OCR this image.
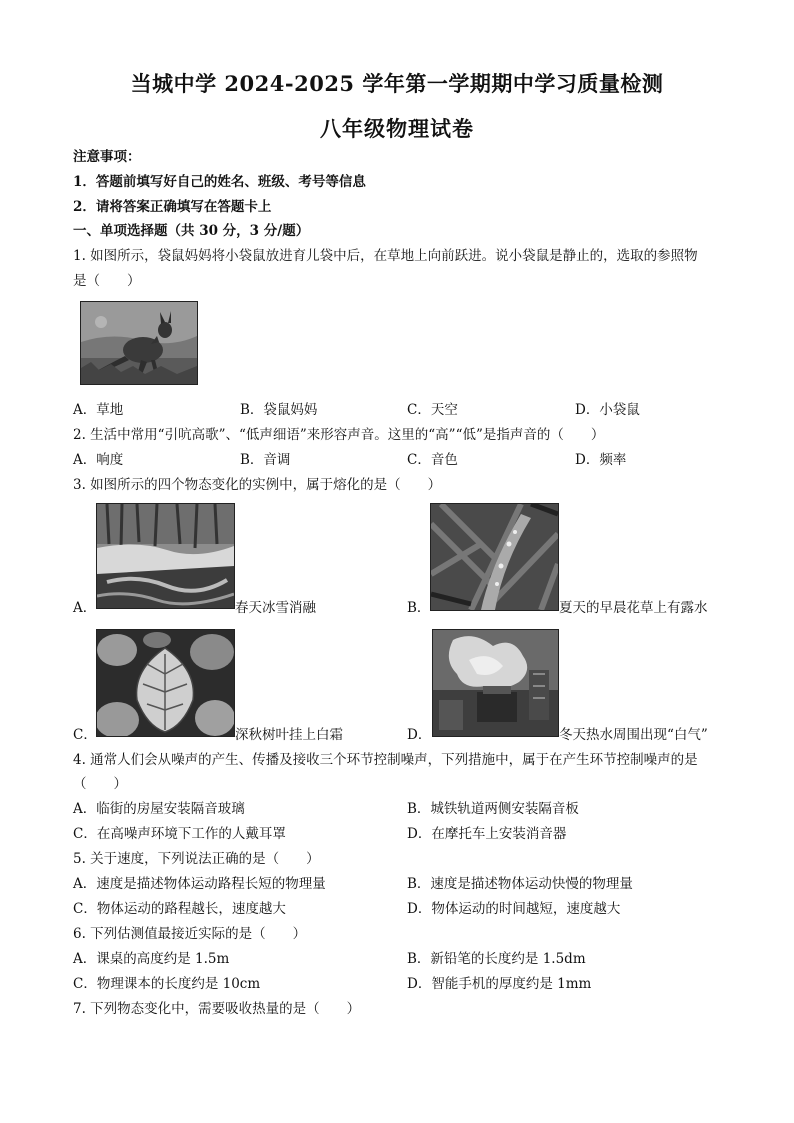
当城中学 2024-2025 学年第一学期期中学习质量检测
八年级物理试卷
注意事项：
1．答题前填写好自己的姓名、班级、考号等信息
2．请将答案正确填写在答题卡上
一、单项选择题（共 30 分，3 分/题）
1. 如图所示，袋鼠妈妈将小袋鼠放进育儿袋中后，在草地上向前跃进。说小袋鼠是静止的，选取的参照物
是（　　）
A．草地	B．袋鼠妈妈	C．天空	D．小袋鼠
2. 生活中常用“引吭高歌”、“低声细语”来形容声音。这里的“高”“低”是指声音的（　　）
A．响度	B．音调	C．音色	D．频率
3. 如图所示的四个物态变化的实例中，属于熔化的是（　　）
A．	春天冰雪消融	B．	夏天的早晨花草上有露水
C．	深秋树叶挂上白霜	D．	冬天热水周围出现“白气”
4. 通常人们会从噪声的产生、传播及接收三个环节控制噪声，下列措施中，属于在产生环节控制噪声的是
（　　）
A．临街的房屋安装隔音玻璃	B．城铁轨道两侧安装隔音板
C．在高噪声环境下工作的人戴耳罩	D．在摩托车上安装消音器
5. 关于速度，下列说法正确的是（　　）
A．速度是描述物体运动路程长短的物理量	B．速度是描述物体运动快慢的物理量
C．物体运动的路程越长，速度越大	D．物体运动的时间越短，速度越大
6. 下列估测值最接近实际的是（　　）
A．课桌的高度约是 1.5m	B．新铅笔的长度约是 1.5dm
C．物理课本的长度约是 10cm	D．智能手机的厚度约是 1mm
7. 下列物态变化中，需要吸收热量的是（　　）
